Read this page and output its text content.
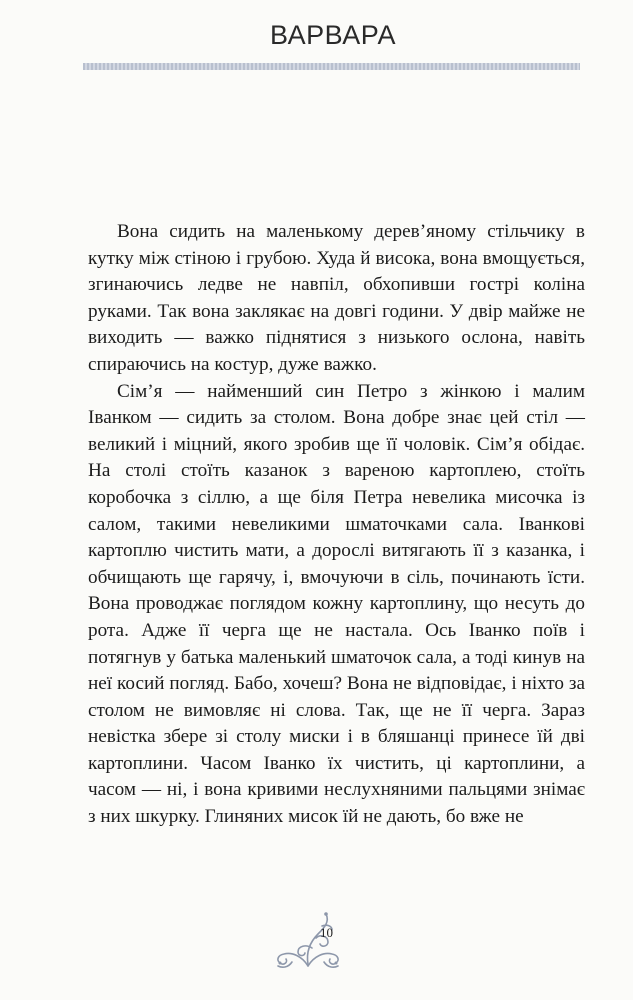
ВАРВАРА

Вона сидить на маленькому дерев’яному стільчику в кутку між стіною і грубою. Худа й висока, вона вмощується, згинаючись ледве не навпіл, обхопивши гострі коліна руками. Так вона заклякає на довгі години. У двір майже не виходить — важко піднятися з низького ослона, навіть спираючись на костур, дуже важко.

Сім’я — найменший син Петро з жінкою і малим Іванком — сидить за столом. Вона добре знає цей стіл — великий і міцний, якого зробив ще її чоловік. Сім’я обідає. На столі стоїть казанок з вареною картоплею, стоїть коробочка з сіллю, а ще біля Петра невелика мисочка із салом, такими невеликими шматочками сала. Іванкові картоплю чистить мати, а дорослі витягають її з казанка, і обчищають ще гарячу, і, вмочуючи в сіль, починають їсти. Вона проводжає поглядом кожну картоплину, що несуть до рота. Адже її черга ще не настала. Ось Іванко поїв і потягнув у батька маленький шматочок сала, а тоді кинув на неї косий погляд. Бабо, хочеш? Вона не відповідає, і ніхто за столом не вимовляє ні слова. Так, ще не її черга. Зараз невістка збере зі столу миски і в бляшанці принесе їй дві картоплини. Часом Іванко їх чистить, ці картоплини, а часом — ні, і вона кривими неслухняними пальцями знімає з них шкурку. Глиняних мисок їй не дають, бо вже не

10
